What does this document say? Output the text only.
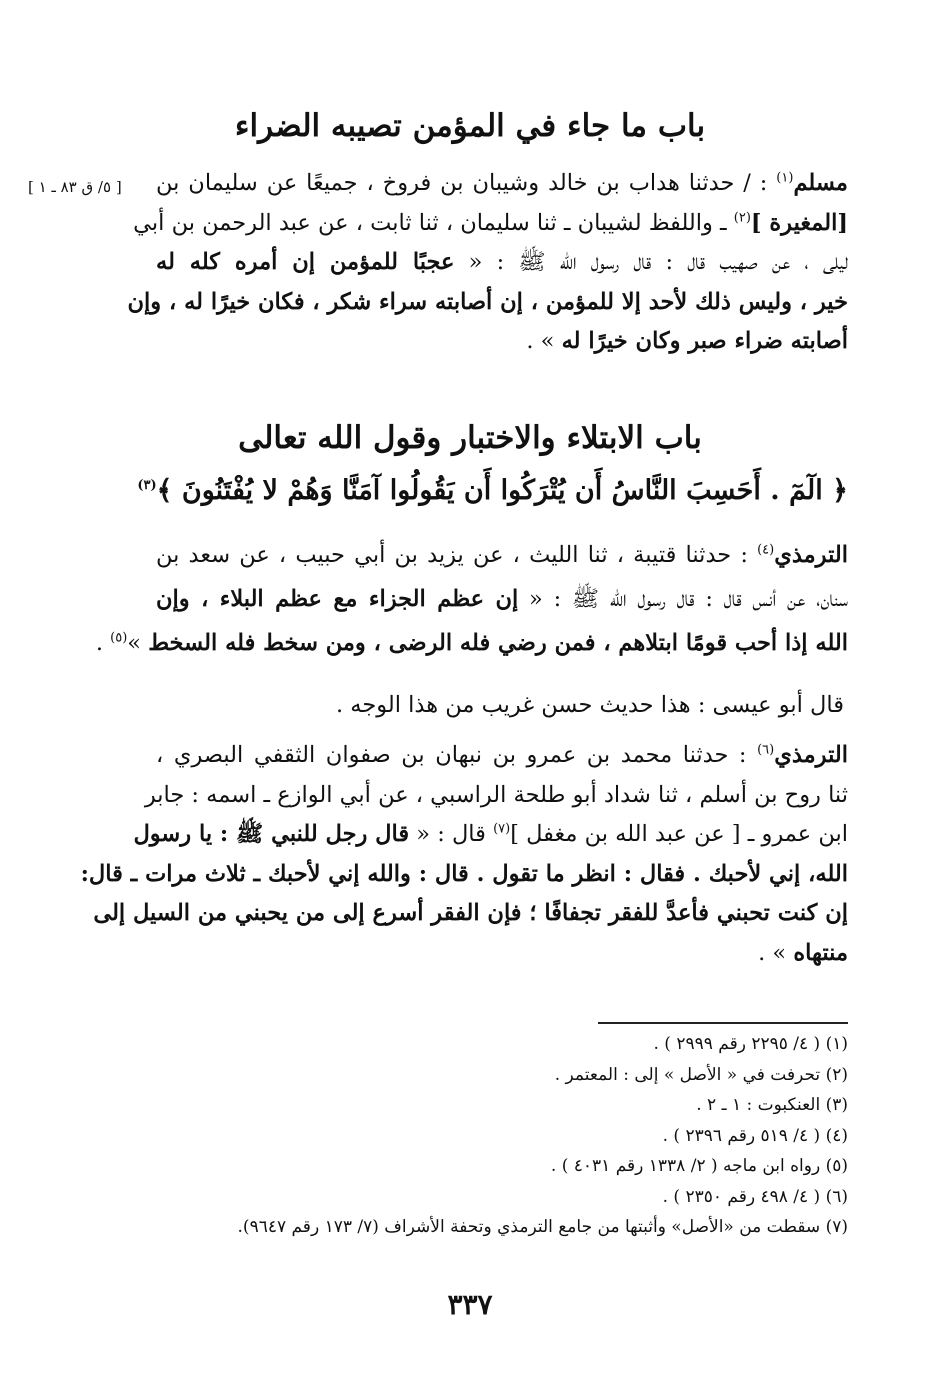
باب ما جاء في المؤمن تصيبه الضراء
[ ٥/ ق ٨٣ ـ ١ ]	مسلم$^{(١)}$ : / حدثنا هداب بن خالد وشيبان بن فروخ ، جميعًا عن سليمان بن
[المغيرة ]$^{(٢)}$ ـ واللفظ لشيبان ـ ثنا سليمان ، ثنا ثابت ، عن عبد الرحمن بن أبي
ليلى ، عن صهيب قال : قال رسول الله ﷺ : « عجبًا للمؤمن إن أمره كله له
خير ، وليس ذلك لأحد إلا للمؤمن ، إن أصابته سراء شكر ، فكان خيرًا له ، وإن
أصابته ضراء صبر وكان خيرًا له » .
باب الابتلاء والاختبار وقول الله تعالى
﴿ الٓمٓ . أَحَسِبَ النَّاسُ أَن يُتْرَكُوا أَن يَقُولُوا آمَنَّا وَهُمْ لا يُفْتَنُونَ ﴾$^{(٣)}$
الترمذي$^{(٤)}$ : حدثنا قتيبة ، ثنا الليث ، عن يزيد بن أبي حبيب ، عن سعد بن
سنان، عن أنس قال : قال رسول الله ﷺ : « إن عظم الجزاء مع عظم البلاء ، وإن
الله إذا أحب قومًا ابتلاهم ، فمن رضي فله الرضى ، ومن سخط فله السخط »$^{(٥)}$ .
قال أبو عيسى : هذا حديث حسن غريب من هذا الوجه .
الترمذي$^{(٦)}$ : حدثنا محمد بن عمرو بن نبهان بن صفوان الثقفي البصري ،
ثنا روح بن أسلم ، ثنا شداد أبو طلحة الراسبي ، عن أبي الوازع ـ اسمه : جابر
ابن عمرو ـ [ عن عبد الله بن مغفل ]$^{(٧)}$ قال : « قال رجل للنبي ﷺ : يا رسول
الله، إني لأحبك . فقال : انظر ما تقول . قال : والله إني لأحبك ـ ثلاث مرات ـ قال:
إن كنت تحبني فأعدَّ للفقر تجفافًا ؛ فإن الفقر أسرع إلى من يحبني من السيل إلى
منتهاه » .
(١) ( ٤/ ٢٢٩٥ رقم ٢٩٩٩ ) .
(٢) تحرفت في « الأصل » إلى : المعتمر .
(٣) العنكبوت : ١ ـ ٢ .
(٤) ( ٤/ ٥١٩ رقم ٢٣٩٦ ) .
(٥) رواه ابن ماجه ( ٢/ ١٣٣٨ رقم ٤٠٣١ ) .
(٦) ( ٤/ ٤٩٨ رقم ٢٣٥٠ ) .
(٧) سقطت من «الأصل» وأثبتها من جامع الترمذي وتحفة الأشراف (٧/ ١٧٣ رقم ٩٦٤٧).
٣٣٧
